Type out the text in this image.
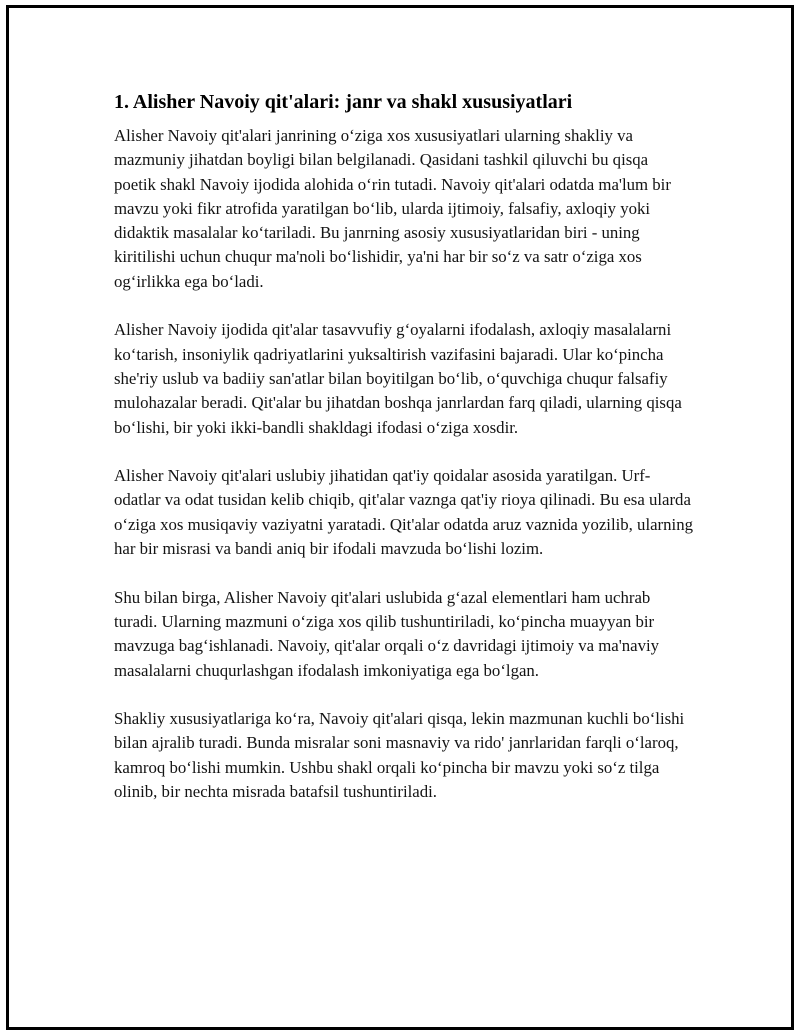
1. Alisher Navoiy qit'alari: janr va shakl xususiyatlari

Alisher Navoiy qit'alari janrining o‘ziga xos xususiyatlari ularning shakliy va mazmuniy jihatdan boyligi bilan belgilanadi. Qasidani tashkil qiluvchi bu qisqa poetik shakl Navoiy ijodida alohida o‘rin tutadi. Navoiy qit'alari odatda ma'lum bir mavzu yoki fikr atrofida yaratilgan bo‘lib, ularda ijtimoiy, falsafiy, axloqiy yoki didaktik masalalar ko‘tariladi. Bu janrning asosiy xususiyatlaridan biri - uning kiritilishi uchun chuqur ma'noli bo‘lishidir, ya'ni har bir so‘z va satr o‘ziga xos og‘irlikka ega bo‘ladi.

Alisher Navoiy ijodida qit'alar tasavvufiy g‘oyalarni ifodalash, axloqiy masalalarni ko‘tarish, insoniylik qadriyatlarini yuksaltirish vazifasini bajaradi. Ular ko‘pincha she'riy uslub va badiiy san'atlar bilan boyitilgan bo‘lib, o‘quvchiga chuqur falsafiy mulohazalar beradi. Qit'alar bu jihatdan boshqa janrlardan farq qiladi, ularning qisqa bo‘lishi, bir yoki ikki-bandli shakldagi ifodasi o‘ziga xosdir.

Alisher Navoiy qit'alari uslubiy jihatidan qat'iy qoidalar asosida yaratilgan. Urf-odatlar va odat tusidan kelib chiqib, qit'alar vaznga qat'iy rioya qilinadi. Bu esa ularda o‘ziga xos musiqaviy vaziyatni yaratadi. Qit'alar odatda aruz vaznida yozilib, ularning har bir misrasi va bandi aniq bir ifodali mavzuda bo‘lishi lozim.

Shu bilan birga, Alisher Navoiy qit'alari uslubida g‘azal elementlari ham uchrab turadi. Ularning mazmuni o‘ziga xos qilib tushuntiriladi, ko‘pincha muayyan bir mavzuga bag‘ishlanadi. Navoiy, qit'alar orqali o‘z davridagi ijtimoiy va ma'naviy masalalarni chuqurlashgan ifodalash imkoniyatiga ega bo‘lgan.

Shakliy xususiyatlariga ko‘ra, Navoiy qit'alari qisqa, lekin mazmunan kuchli bo‘lishi bilan ajralib turadi. Bunda misralar soni masnaviy va rido' janrlaridan farqli o‘laroq, kamroq bo‘lishi mumkin. Ushbu shakl orqali ko‘pincha bir mavzu yoki so‘z tilga olinib, bir nechta misrada batafsil tushuntiriladi.
